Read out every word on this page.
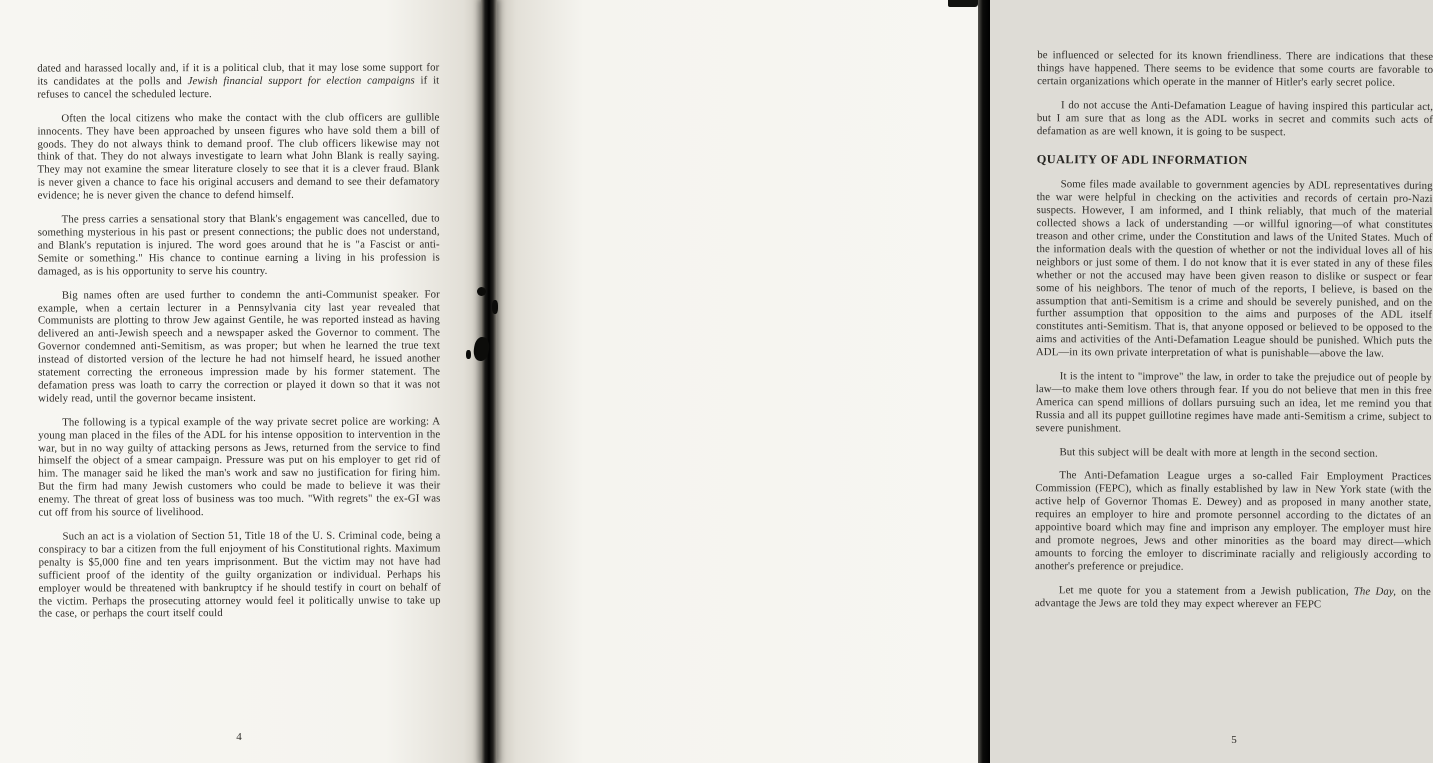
dated and harassed locally and, if it is a political club, that it may lose some support for its candidates at the polls and Jewish financial support for election campaigns if it refuses to cancel the scheduled lecture.

Often the local citizens who make the contact with the club officers are gullible innocents. They have been approached by unseen figures who have sold them a bill of goods. They do not always think to demand proof. The club officers likewise may not think of that. They do not always investigate to learn what John Blank is really saying. They may not examine the smear literature closely to see that it is a clever fraud. Blank is never given a chance to face his original accusers and demand to see their defamatory evidence; he is never given the chance to defend himself.

The press carries a sensational story that Blank's engagement was cancelled, due to something mysterious in his past or present connections; the public does not understand, and Blank's reputation is injured. The word goes around that he is "a Fascist or anti-Semite or something." His chance to continue earning a living in his profession is damaged, as is his opportunity to serve his country.

Big names often are used further to condemn the anti-Communist speaker. For example, when a certain lecturer in a Pennsylvania city last year revealed that Communists are plotting to throw Jew against Gentile, he was reported instead as having delivered an anti-Jewish speech and a newspaper asked the Governor to comment. The Governor condemned anti-Semitism, as was proper; but when he learned the true text instead of distorted version of the lecture he had not himself heard, he issued another statement correcting the erroneous impression made by his former statement. The defamation press was loath to carry the correction or played it down so that it was not widely read, until the governor became insistent.

The following is a typical example of the way private secret police are working: A young man placed in the files of the ADL for his intense opposition to intervention in the war, but in no way guilty of attacking persons as Jews, returned from the service to find himself the object of a smear campaign. Pressure was put on his employer to get rid of him. The manager said he liked the man's work and saw no justification for firing him. But the firm had many Jewish customers who could be made to believe it was their enemy. The threat of great loss of business was too much. "With regrets" the ex-GI was cut off from his source of livelihood.

Such an act is a violation of Section 51, Title 18 of the U. S. Criminal code, being a conspiracy to bar a citizen from the full enjoyment of his Constitutional rights. Maximum penalty is $5,000 fine and ten years imprisonment. But the victim may not have had sufficient proof of the identity of the guilty organization or individual. Perhaps his employer would be threatened with bankruptcy if he should testify in court on behalf of the victim. Perhaps the prosecuting attorney would feel it politically unwise to take up the case, or perhaps the court itself could

4

be influenced or selected for its known friendliness. There are indications that these things have happened. There seems to be evidence that some courts are favorable to certain organizations which operate in the manner of Hitler's early secret police.

I do not accuse the Anti-Defamation League of having inspired this particular act, but I am sure that as long as the ADL works in secret and commits such acts of defamation as are well known, it is going to be suspect.

QUALITY OF ADL INFORMATION

Some files made available to government agencies by ADL representatives during the war were helpful in checking on the activities and records of certain pro-Nazi suspects. However, I am informed, and I think reliably, that much of the material collected shows a lack of understanding —or willful ignoring—of what constitutes treason and other crime, under the Constitution and laws of the United States. Much of the information deals with the question of whether or not the individual loves all of his neighbors or just some of them. I do not know that it is ever stated in any of these files whether or not the accused may have been given reason to dislike or suspect or fear some of his neighbors. The tenor of much of the reports, I believe, is based on the assumption that anti-Semitism is a crime and should be severely punished, and on the further assumption that opposition to the aims and purposes of the ADL itself constitutes anti-Semitism. That is, that anyone opposed or believed to be opposed to the aims and activities of the Anti-Defamation League should be punished. Which puts the ADL—in its own private interpretation of what is punishable—above the law.

It is the intent to "improve" the law, in order to take the prejudice out of people by law—to make them love others through fear. If you do not believe that men in this free America can spend millions of dollars pursuing such an idea, let me remind you that Russia and all its puppet guillotine regimes have made anti-Semitism a crime, subject to severe punishment.

But this subject will be dealt with more at length in the second section.

The Anti-Defamation League urges a so-called Fair Employment Practices Commission (FEPC), which as finally established by law in New York state (with the active help of Governor Thomas E. Dewey) and as proposed in many another state, requires an employer to hire and promote personnel according to the dictates of an appointive board which may fine and imprison any employer. The employer must hire and promote negroes, Jews and other minorities as the board may direct—which amounts to forcing the emloyer to discriminate racially and religiously according to another's preference or prejudice.

Let me quote for you a statement from a Jewish publication, The Day, on the advantage the Jews are told they may expect wherever an FEPC

5
